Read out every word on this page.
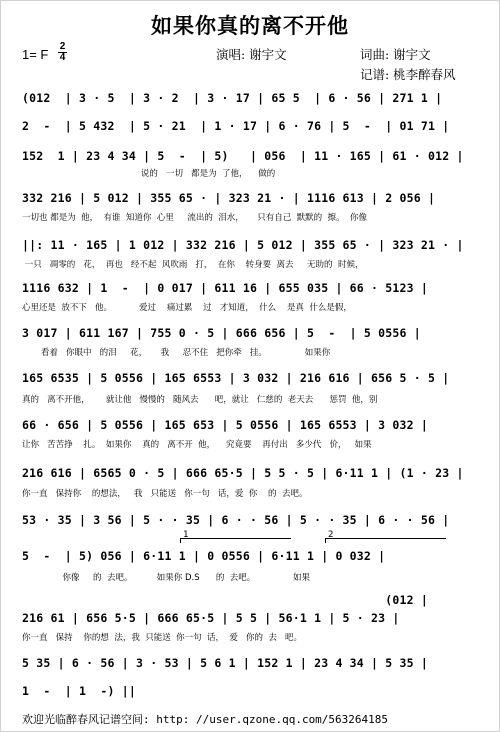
如果你真的离不开他
1= F
2
4	演唱: 谢宇文	词曲: 谢宇文
记谱: 桃李醉春风
(012  | 3 · 5  | 3 · 2  | 3 · 17 | 65 5  | 6 · 56 | 271 1 |
2  -  | 5 432  | 5 · 21  | 1 · 17 | 6 · 76 | 5  -  | 01 71 |
152  1 | 23 4 34 | 5  -  | 5)   | 056  | 11 · 165 | 61 · 012 |
说的   一切   都是为  了他，    做的
332 216 | 5 012 | 355 65 · | 323 21 · | 1116 613 | 2 056 |
一切也 都是为  他，  有谁  知道你  心里     流出的  泪水，     只有自己  默默的  擦。  你像
||: 11 · 165 | 1 012 | 332 216 | 5 012 | 355 65 · | 323 21 · |
一只   凋零的   花，  再也   经不起  风吹雨   打，  在你    转身要  离去     无助的  时候，
1116 632 | 1  -  | 0 017 | 611 16 | 655 035 | 66 · 5123 |
心里还是  放不下   他。          爱过    痛过累    过   才知道，  什么    是真  什么是假，
3 017 | 611 167 | 755 0 · 5 | 666 656 | 5  -  | 5 0556 |
看着   你眼中   的泪     花，     我     忍不住   把你牵   挂。              如果你
165 6535 | 5 0556 | 165 6553 | 3 032 | 216 616 | 656 5 · 5 |
真的   离不开他，      就让他   慢慢的   随风去      吧，就让   仁慈的  老天去      惩罚  他，别
66 · 656 | 5 0556 | 165 653 | 5 0556 | 165 6553 | 3 032 |
让你   苦苦挣    扎。  如果你    真的   离不开  他，    究竟要    再付出   多少代   价，   如果
216 616 | 6565 0 · 5 | 666 65·5 | 5 5 · 5 | 6·11 1 | (1 · 23 |
你一直   保持你    的想法，   我   只能送   你一句   话，爱  你    的  去吧。
53 · 35 | 3 56 | 5 · · 35 | 6 · · 56 | 5 · · 35 | 6 · · 56 |
1	2
5  -  | 5) 056 | 6·11 1 | 0 0556 | 6·11 1 | 0 032 |
你像     的  去吧。         如果你 D.S      的  去吧。              如果
(012 |
216 61 | 656 5·5 | 666 65·5 | 5 5 | 56·1 1 | 5 · 23 |
你一直   保持    你的想  法，我  只能送  你一句  话，  爱   你的  去   吧。
5 35 | 6 · 56 | 3 · 53 | 5 6 1 | 152 1 | 23 4 34 | 5 35 |
1  -  | 1  -) ||
欢迎光临醉春风记谱空间: http: //user.qzone.qq.com/563264185
